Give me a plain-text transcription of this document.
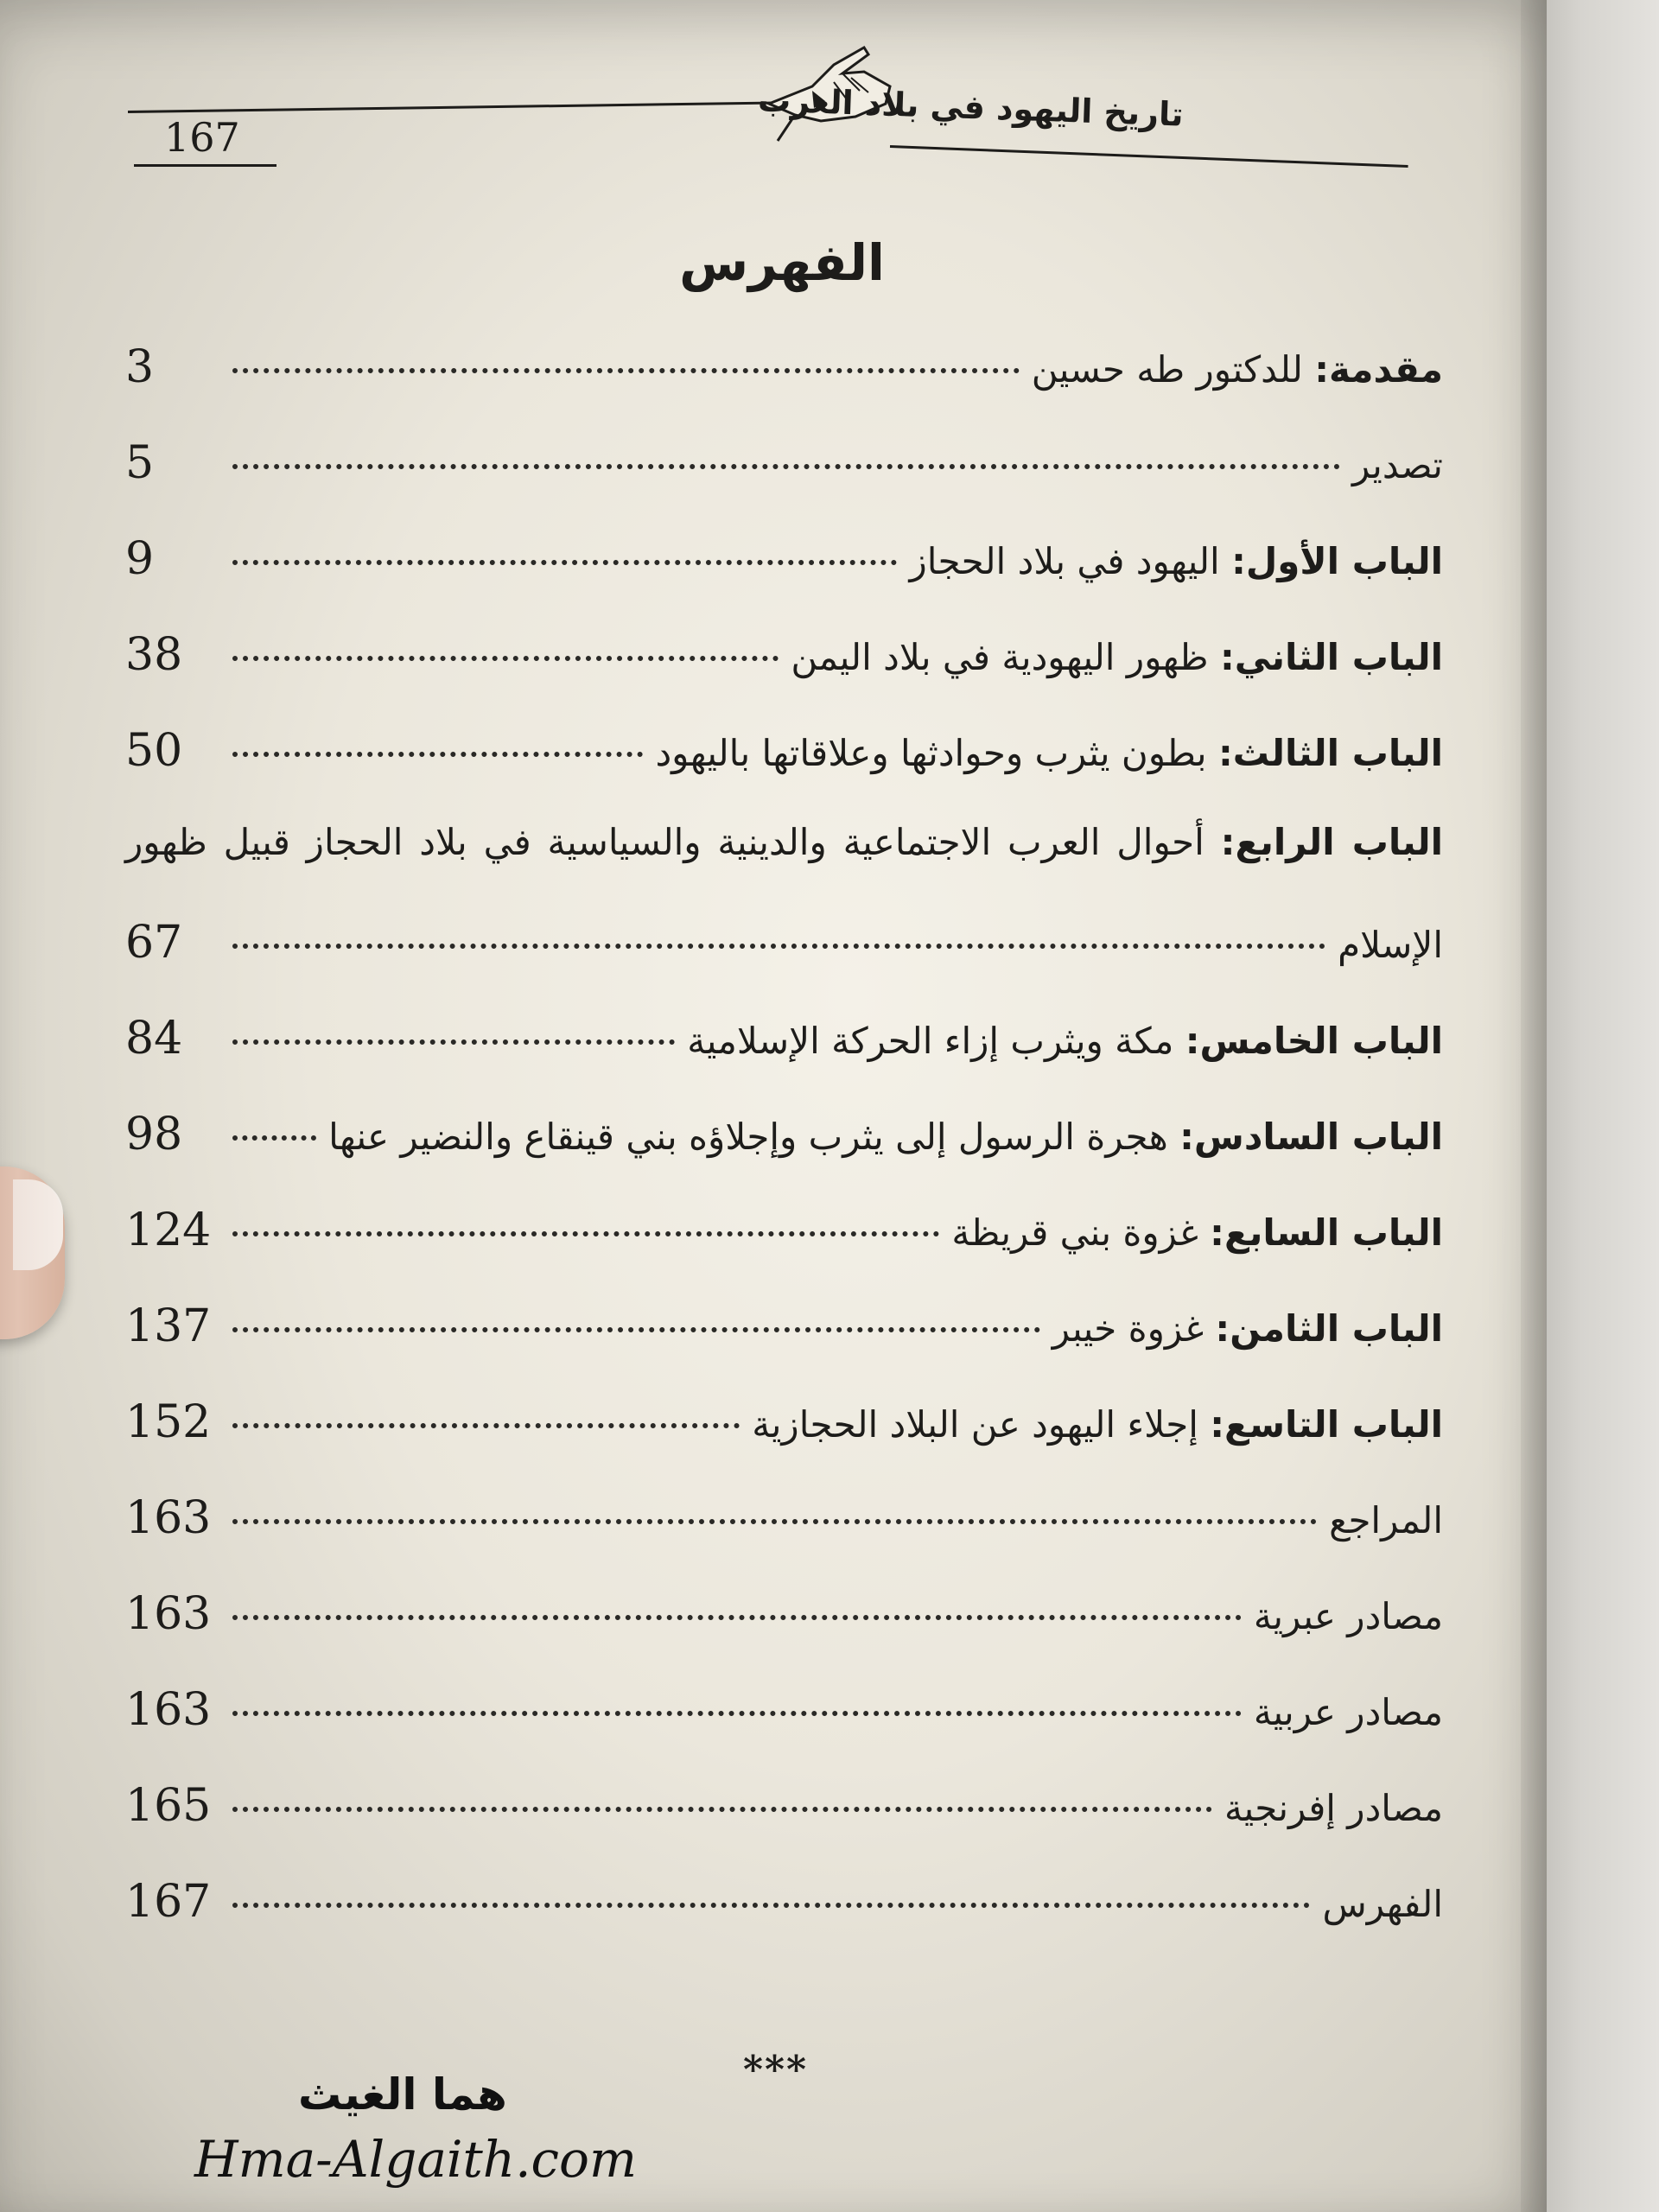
تاريخ اليهود في بلاد العرب
167
الفهرس
مقدمة: للدكتور طه حسين
3
تصدير
5
الباب الأول: اليهود في بلاد الحجاز
9
الباب الثاني: ظهور اليهودية في بلاد اليمن
38
الباب الثالث: بطون يثرب وحوادثها وعلاقاتها باليهود
50
الباب الرابع: أحوال العرب الاجتماعية والدينية والسياسية في بلاد الحجاز قبيل ظهور
الإسلام
67
الباب الخامس: مكة ويثرب إزاء الحركة الإسلامية
84
الباب السادس: هجرة الرسول إلى يثرب وإجلاؤه بني قينقاع والنضير عنها
98
الباب السابع: غزوة بني قريظة
124
الباب الثامن: غزوة خيبر
137
الباب التاسع: إجلاء اليهود عن البلاد الحجازية
152
المراجع
163
مصادر عبرية
163
مصادر عربية
163
مصادر إفرنجية
165
الفهرس
167
***
هما الغيث
Hma-Algaith.com
